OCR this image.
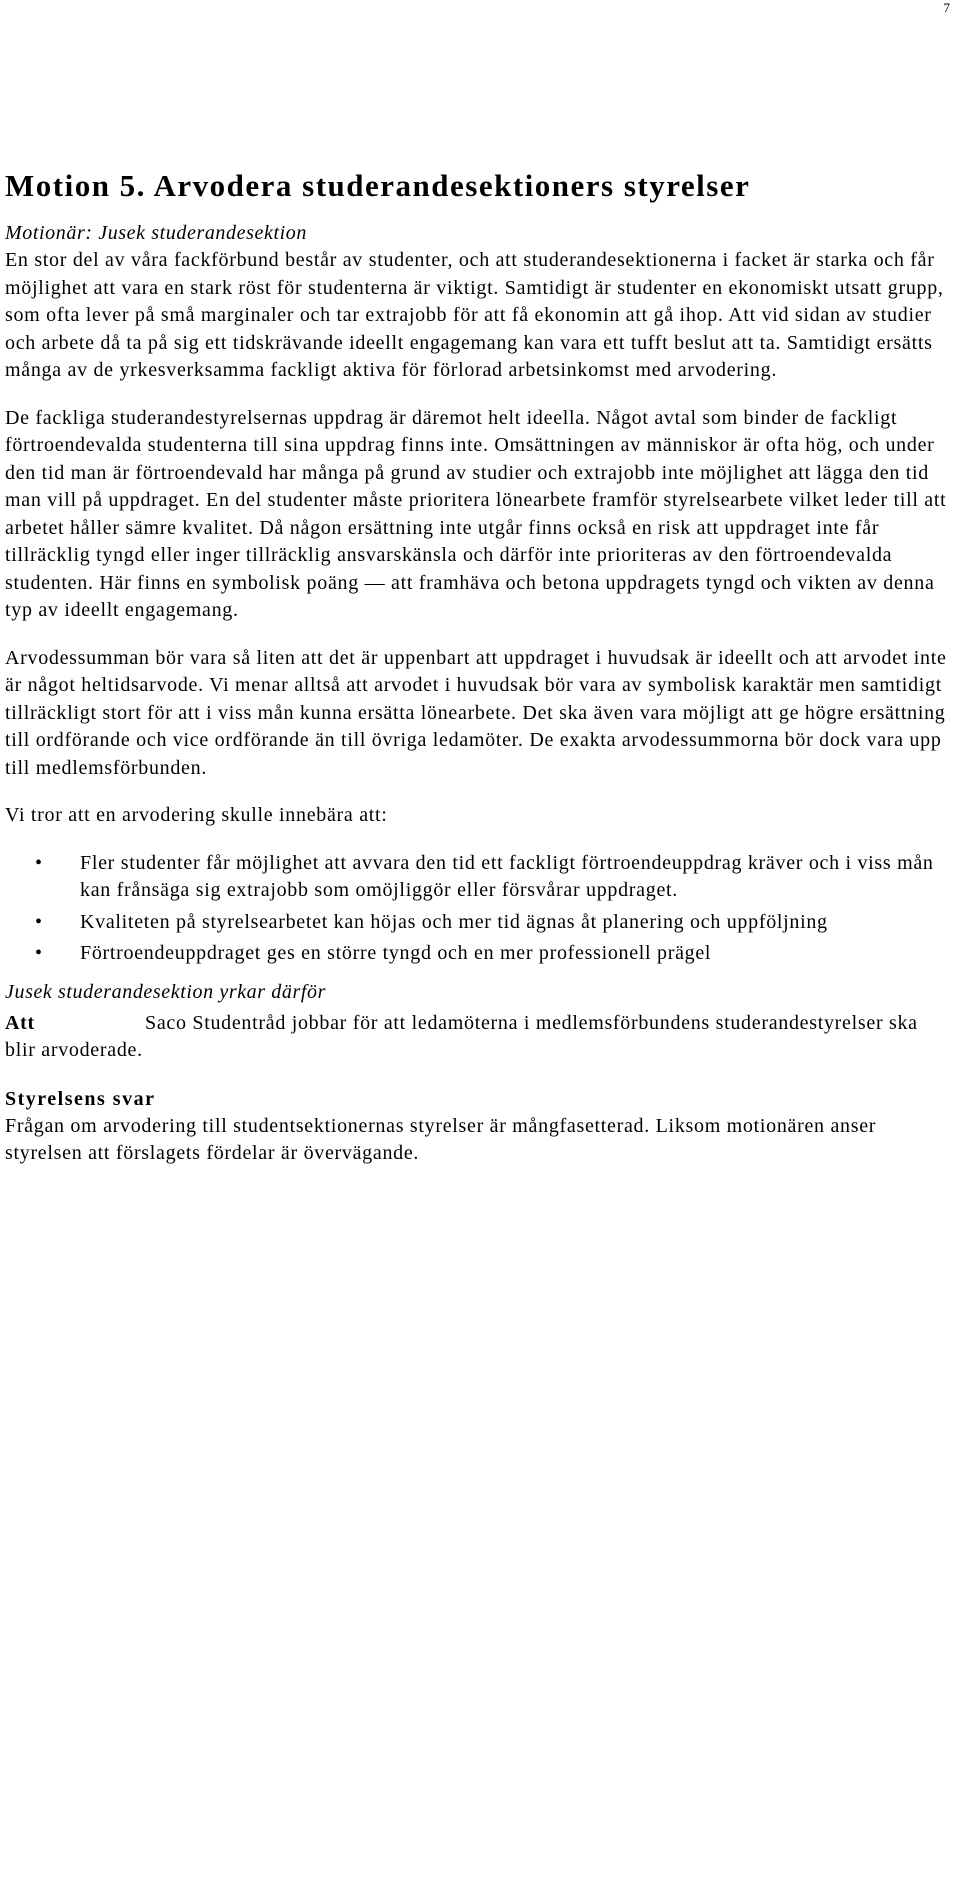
7
Motion 5. Arvodera studerandesektioners styrelser
Motionär: Jusek studerandesektion

En stor del av våra fackförbund består av studenter, och att studerandesektionerna i facket är starka och får möjlighet att vara en stark röst för studenterna är viktigt. Samtidigt är studenter en ekonomiskt utsatt grupp, som ofta lever på små marginaler och tar extrajobb för att få ekonomin att gå ihop. Att vid sidan av studier och arbete då ta på sig ett tidskrävande ideellt engagemang kan vara ett tufft beslut att ta. Samtidigt ersätts många av de yrkesverksamma fackligt aktiva för förlorad arbetsinkomst med arvodering.

De fackliga studerandestyrelsernas uppdrag är däremot helt ideella. Något avtal som binder de fackligt förtroendevalda studenterna till sina uppdrag finns inte. Omsättningen av människor är ofta hög, och under den tid man är förtroendevald har många på grund av studier och extrajobb inte möjlighet att lägga den tid man vill på uppdraget. En del studenter måste prioritera lönearbete framför styrelsearbete vilket leder till att arbetet håller sämre kvalitet. Då någon ersättning inte utgår finns också en risk att uppdraget inte får tillräcklig tyngd eller inger tillräcklig ansvarskänsla och därför inte prioriteras av den förtroendevalda studenten. Här finns en symbolisk poäng — att framhäva och betona uppdragets tyngd och vikten av denna typ av ideellt engagemang.

Arvodessumman bör vara så liten att det är uppenbart att uppdraget i huvudsak är ideellt och att arvodet inte är något heltidsarvode. Vi menar alltså att arvodet i huvudsak bör vara av symbolisk karaktär men samtidigt tillräckligt stort för att i viss mån kunna ersätta lönearbete. Det ska även vara möjligt att ge högre ersättning till ordförande och vice ordförande än till övriga ledamöter. De exakta arvodessummorna bör dock vara upp till medlemsförbunden.

Vi tror att en arvodering skulle innebära att:

• Fler studenter får möjlighet att avvara den tid ett fackligt förtroendeuppdrag kräver och i viss mån kan frånsäga sig extrajobb som omöjliggör eller försvårar uppdraget.
• Kvaliteten på styrelsearbetet kan höjas och mer tid ägnas åt planering och uppföljning
• Förtroendeuppdraget ges en större tyngd och en mer professionell prägel
Jusek studerandesektion yrkar därför

Att	Saco Studentråd jobbar för att ledamöterna i medlemsförbundens studerandestyrelser ska blir arvoderade.

Styrelsens svar

Frågan om arvodering till studentsektionernas styrelser är mångfasetterad. Liksom motionären anser styrelsen att förslagets fördelar är övervägande.
